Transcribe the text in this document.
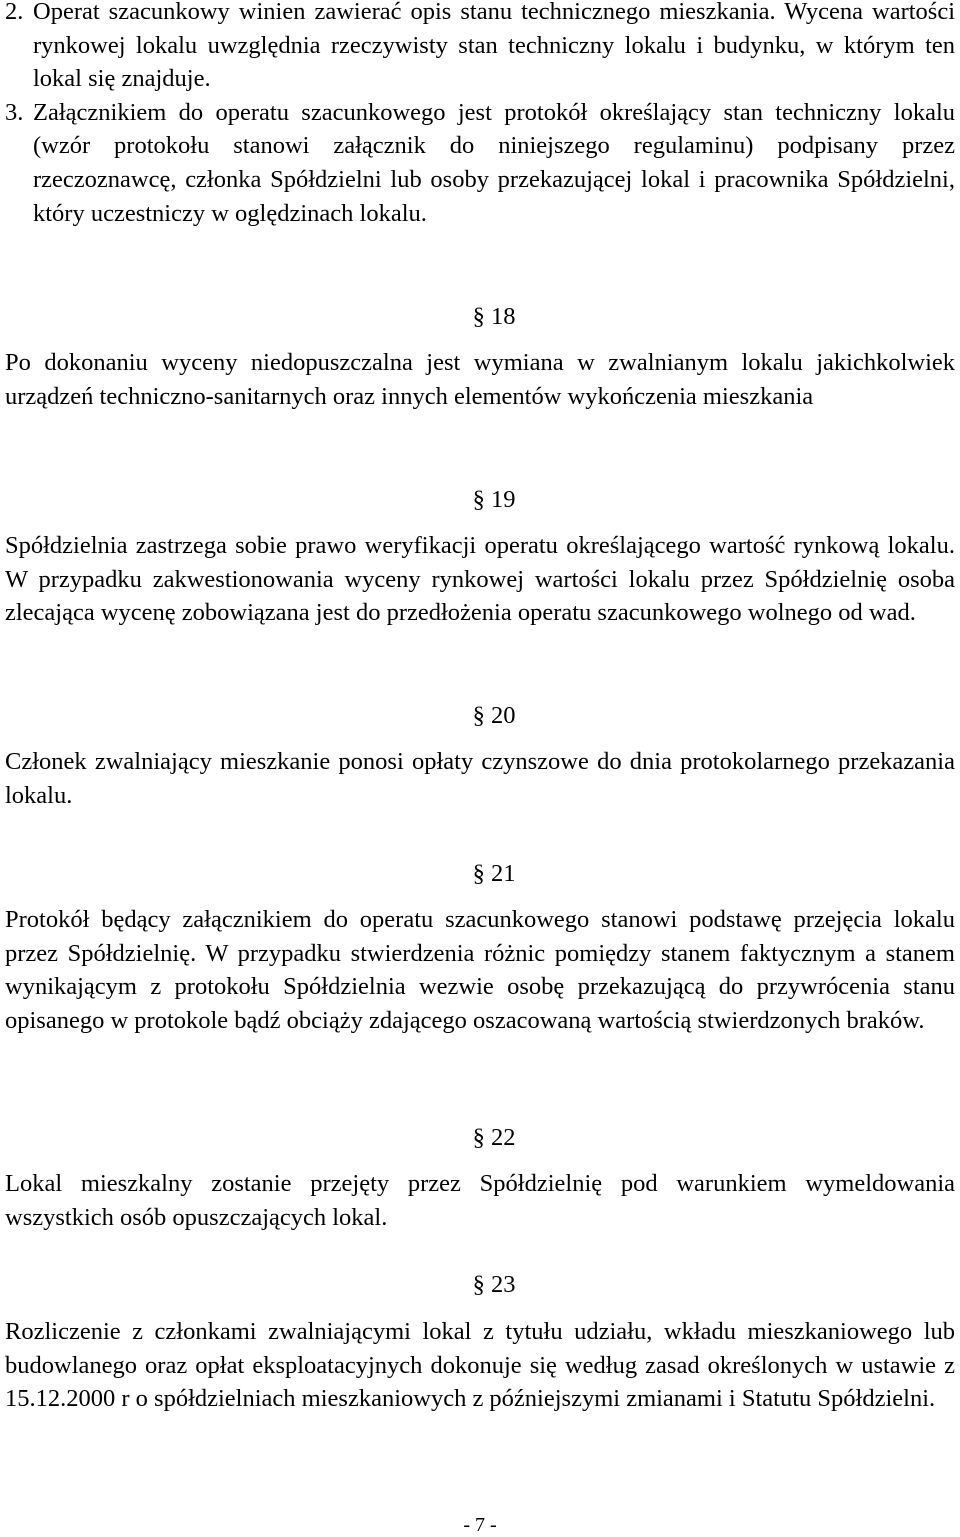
2. Operat szacunkowy winien zawierać opis stanu technicznego mieszkania. Wycena wartości rynkowej lokalu uwzględnia rzeczywisty stan techniczny lokalu i budynku, w którym ten lokal się znajduje.
3. Załącznikiem do operatu szacunkowego jest protokół określający stan techniczny lokalu (wzór protokołu stanowi załącznik do niniejszego regulaminu) podpisany przez rzeczoznawcę, członka Spółdzielni lub osoby przekazującej lokal i pracownika Spółdzielni, który uczestniczy w oględzinach lokalu.
§ 18

Po dokonaniu wyceny niedopuszczalna jest wymiana w zwalnianym lokalu jakichkolwiek urządzeń techniczno-sanitarnych oraz innych elementów wykończenia mieszkania

§ 19

Spółdzielnia zastrzega sobie prawo weryfikacji operatu określającego wartość rynkową lokalu. W przypadku zakwestionowania wyceny rynkowej wartości lokalu przez Spółdzielnię osoba zlecająca wycenę zobowiązana jest do przedłożenia operatu szacunkowego wolnego od wad.

§ 20

Członek zwalniający mieszkanie ponosi opłaty czynszowe do dnia protokolarnego przekazania lokalu.

§ 21

Protokół będący załącznikiem do operatu szacunkowego stanowi podstawę przejęcia lokalu przez Spółdzielnię. W przypadku stwierdzenia różnic pomiędzy stanem faktycznym a stanem wynikającym z protokołu Spółdzielnia wezwie osobę przekazującą do przywrócenia stanu opisanego w protokole bądź obciąży zdającego oszacowaną wartością stwierdzonych braków.

§ 22

Lokal mieszkalny zostanie przejęty przez Spółdzielnię pod warunkiem wymeldowania wszystkich osób opuszczających lokal.

§ 23

Rozliczenie z członkami zwalniającymi lokal z tytułu udziału, wkładu mieszkaniowego lub budowlanego oraz opłat eksploatacyjnych dokonuje się według zasad określonych w ustawie z 15.12.2000 r o spółdzielniach mieszkaniowych z późniejszymi zmianami i Statutu Spółdzielni.

- 7 -
